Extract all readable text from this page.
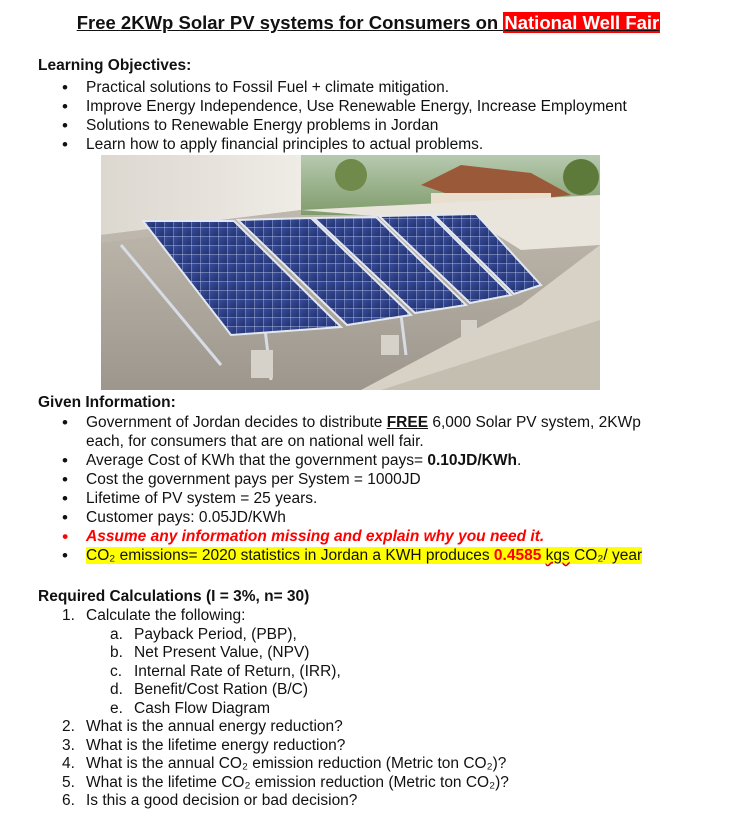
Free 2KWp Solar PV systems for Consumers on National Well Fair
Learning Objectives:
• Practical solutions to Fossil Fuel + climate mitigation.
• Improve Energy Independence, Use Renewable Energy, Increase Employment
• Solutions to Renewable Energy problems in Jordan
• Learn how to apply financial principles to actual problems.
Given Information:
• Government of Jordan decides to distribute FREE 6,000 Solar PV system, 2KWp each, for consumers that are on national well fair.
• Average Cost of KWh that the government pays= 0.10JD/KWh.
• Cost the government pays per System = 1000JD
• Lifetime of PV system = 25 years.
• Customer pays: 0.05JD/KWh
• Assume any information missing and explain why you need it.
• CO₂ emissions= 2020 statistics in Jordan a KWH produces 0.4585 kgs CO₂/ year
Required Calculations (I = 3%, n= 30)
1. Calculate the following:
a. Payback Period, (PBP),
b. Net Present Value, (NPV)
c. Internal Rate of Return, (IRR),
d. Benefit/Cost Ration (B/C)
e. Cash Flow Diagram
2. What is the annual energy reduction?
3. What is the lifetime energy reduction?
4. What is the annual CO₂ emission reduction (Metric ton CO₂)?
5. What is the lifetime CO₂ emission reduction (Metric ton CO₂)?
6. Is this a good decision or bad decision?
